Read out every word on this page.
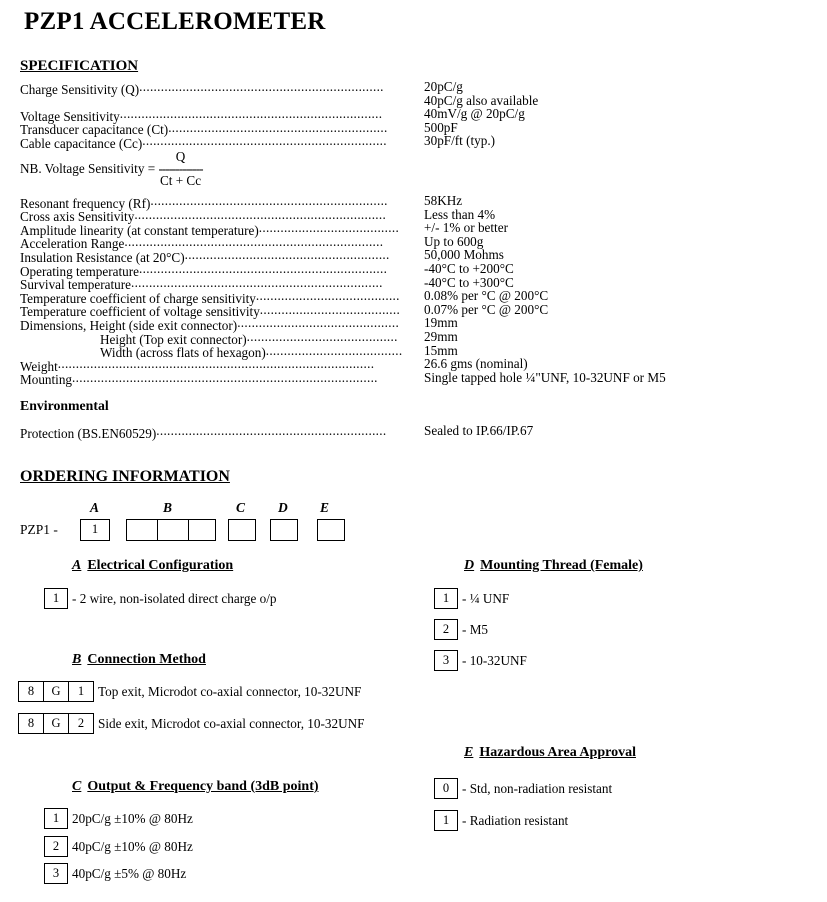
PZP1 ACCELEROMETER
SPECIFICATION
Charge Sensitivity (Q)....................................................................	20pC/g
40pC/g also available
Voltage Sensitivity.........................................................................	40mV/g @ 20pC/g
Transducer capacitance (Ct).............................................................	500pF
Cable capacitance (Cc)....................................................................	30pF/ft (typ.)
NB. Voltage Sensitivity =
Q
-------------
Ct + Cc
Resonant frequency (Rf)..................................................................	58KHz
Cross axis Sensitivity......................................................................	Less than 4%
Amplitude linearity (at constant temperature)....................................... +/- 1% or better
Acceleration Range........................................................................	Up to 600g
Insulation Resistance (at 20°C).........................................................	50,000 Mohms
Operating temperature.....................................................................	-40°C to +200°C
Survival temperature......................................................................	-40°C to +300°C
Temperature coefficient of charge sensitivity........................................ 0.08% per °C @ 200°C
Temperature coefficient of voltage sensitivity....................................... 0.07% per °C @ 200°C
Dimensions, Height (side exit connector)............................................. 19mm
Height (Top exit connector).......................................... 29mm
Width (across flats of hexagon)...................................... 15mm
Weight........................................................................................	26.6 gms (nominal)
Mounting.....................................................................................	Single tapped hole ¼"UNF, 10-32UNF or M5
Environmental
Protection (BS.EN60529)................................................................	Sealed to IP.66/IP.67
ORDERING INFORMATION
A	B	C D E
PZP1 -	1
A Electrical Configuration
1 - 2 wire, non-isolated direct charge o/p
B Connection Method
8 G 1 Top exit, Microdot co-axial connector, 10-32UNF
8 G 2 Side exit, Microdot co-axial connector, 10-32UNF
C Output & Frequency band (3dB point)
1 20pC/g ±10% @ 80Hz
2 40pC/g ±10% @ 80Hz
3 40pC/g ±5% @ 80Hz
D Mounting Thread (Female)
1 - ¼ UNF
2 - M5
3 - 10-32UNF
E Hazardous Area Approval
0 - Std, non-radiation resistant
1 - Radiation resistant
